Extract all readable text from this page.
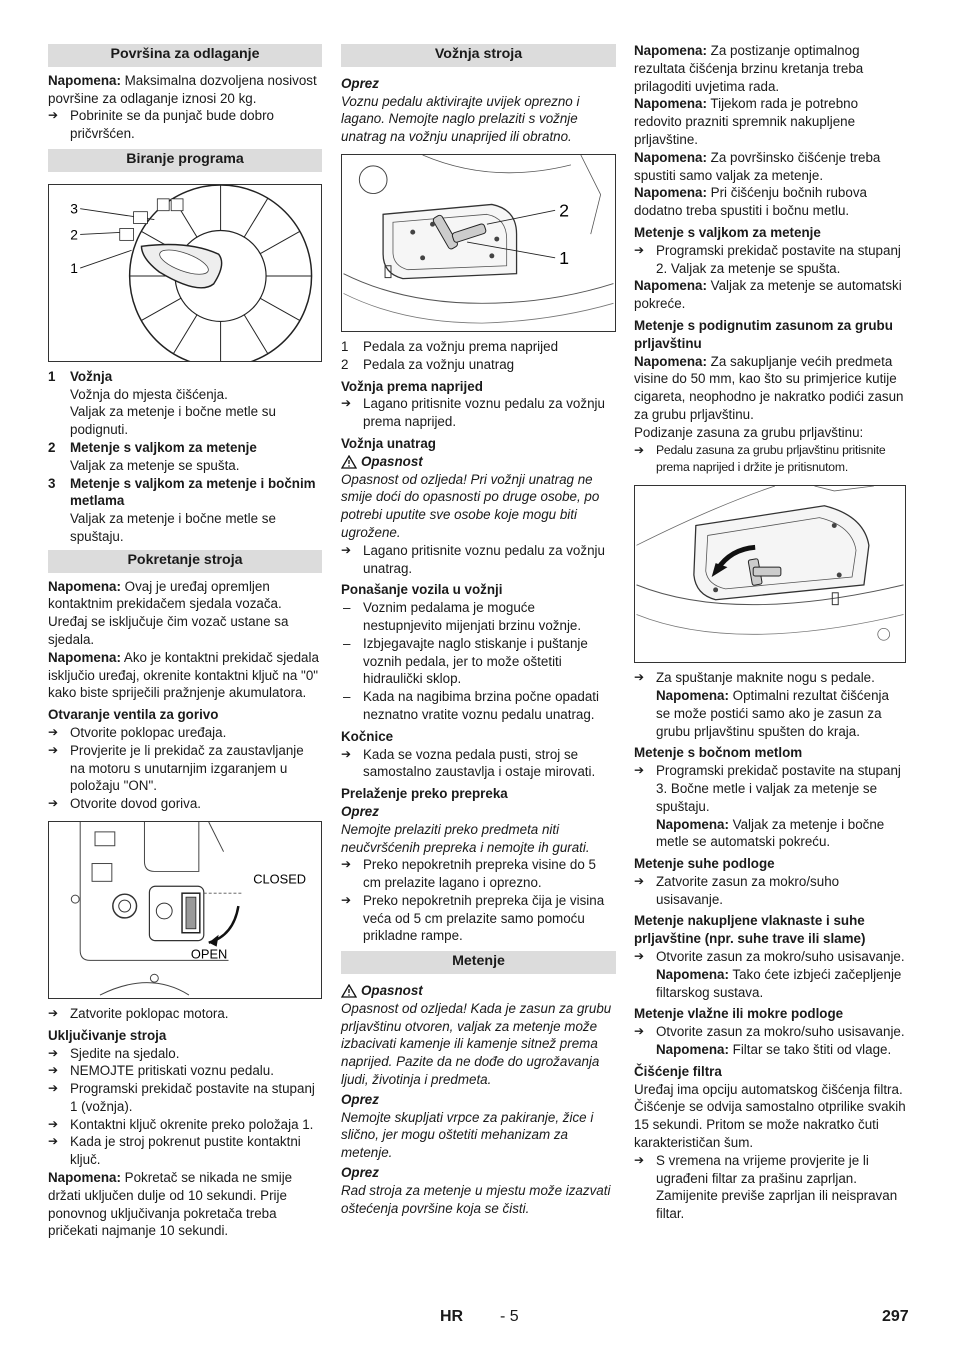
Površina za odlaganje
Napomena: Maksimalna dozvoljena nosivost površine za odlaganje iznosi 20 kg.
➔ Pobrinite se da punjač bude dobro pričvršćen.
Biranje programa
3
2
1
1 Vožnja
Vožnja do mjesta čišćenja.
Valjak za metenje i bočne metle su podignuti.
2 Metenje s valjkom za metenje
Valjak za metenje se spušta.
3 Metenje s valjkom za metenje i bočnim metlama
Valjak za metenje i bočne metle se spuštaju.
Pokretanje stroja
Napomena: Ovaj je uređaj opremljen kontaktnim prekidačem sjedala vozača. Uređaj se isključuje čim vozač ustane sa sjedala.
Napomena: Ako je kontaktni prekidač sjedala isključio uređaj, okrenite kontaktni ključ na "0" kako biste spriječili pražnjenje akumulatora.
Otvaranje ventila za gorivo
➔ Otvorite poklopac uređaja.
➔ Provjerite je li prekidač za zaustavljanje na motoru s unutarnjim izgaranjem u položaju "ON".
➔ Otvorite dovod goriva.
CLOSED
OPEN
➔ Zatvorite poklopac motora.
Uključivanje stroja
➔ Sjedite na sjedalo.
➔ NEMOJTE pritiskati voznu pedalu.
➔ Programski prekidač postavite na stupanj 1 (vožnja).
➔ Kontaktni ključ okrenite preko položaja 1.
➔ Kada je stroj pokrenut pustite kontaktni ključ.
Napomena: Pokretač se nikada ne smije držati uključen dulje od 10 sekundi. Prije ponovnog uključivanja pokretača treba pričekati najmanje 10 sekundi.
Vožnja stroja
Oprez
Voznu pedalu aktivirajte uvijek oprezno i lagano. Nemojte naglo prelaziti s vožnje unatrag na vožnju unaprijed ili obratno.
2
1
1 Pedala za vožnju prema naprijed
2 Pedala za vožnju unatrag
Vožnja prema naprijed
➔ Lagano pritisnite voznu pedalu za vožnju prema naprijed.
Vožnja unatrag
Opasnost
Opasnost od ozljeda! Pri vožnji unatrag ne smije doći do opasnosti po druge osobe, po potrebi uputite sve osobe koje mogu biti ugrožene.
➔ Lagano pritisnite voznu pedalu za vožnju unatrag.
Ponašanje vozila u vožnji
– Voznim pedalama je moguće nestupnjevito mijenjati brzinu vožnje.
– Izbjegavajte naglo stiskanje i puštanje voznih pedala, jer to može oštetiti hidraulički sklop.
– Kada na nagibima brzina počne opadati neznatno vratite voznu pedalu unatrag.
Kočnice
➔ Kada se vozna pedala pusti, stroj se samostalno zaustavlja i ostaje mirovati.
Prelaženje preko prepreka
Oprez
Nemojte prelaziti preko predmeta niti neučvršćenih prepreka i nemojte ih gurati.
➔ Preko nepokretnih prepreka visine do 5 cm prelazite lagano i oprezno.
➔ Preko nepokretnih prepreka čija je visina veća od 5 cm prelazite samo pomoću prikladne rampe.
Metenje
Opasnost
Opasnost od ozljeda! Kada je zasun za grubu prljavštinu otvoren, valjak za metenje može izbacivati kamenje ili kamenje sitnež prema naprijed. Pazite da ne dođe do ugrožavanja ljudi, životinja i predmeta.
Oprez
Nemojte skupljati vrpce za pakiranje, žice i slično, jer mogu oštetiti mehanizam za metenje.
Oprez
Rad stroja za metenje u mjestu može izazvati oštećenja površine koja se čisti.
Napomena: Za postizanje optimalnog rezultata čišćenja brzinu kretanja treba prilagoditi uvjetima rada.
Napomena: Tijekom rada je potrebno redovito prazniti spremnik nakupljene prljavštine.
Napomena: Za površinsko čišćenje treba spustiti samo valjak za metenje.
Napomena: Pri čišćenju bočnih rubova dodatno treba spustiti i bočnu metlu.
Metenje s valjkom za metenje
➔ Programski prekidač postavite na stupanj 2. Valjak za metenje se spušta.
Napomena: Valjak za metenje se automatski pokreće.
Metenje s podignutim zasunom za grubu prljavštinu
Napomena: Za sakupljanje većih predmeta visine do 50 mm, kao što su primjerice kutije cigareta, neophodno je nakratko podići zasun za grubu prljavštinu.
Podizanje zasuna za grubu prljavštinu:
➔ Pedalu zasuna za grubu prljavštinu pritisnite prema naprijed i držite je pritisnutom.
➔ Za spuštanje maknite nogu s pedale.
Napomena: Optimalni rezultat čišćenja se može postići samo ako je zasun za grubu prljavštinu spušten do kraja.
Metenje s bočnom metlom
➔ Programski prekidač postavite na stupanj 3. Bočne metle i valjak za metenje se spuštaju.
Napomena: Valjak za metenje i bočne metle se automatski pokreću.
Metenje suhe podloge
➔ Zatvorite zasun za mokro/suho usisavanje.
Metenje nakupljene vlaknaste i suhe prljavštine (npr. suhe trave ili slame)
➔ Otvorite zasun za mokro/suho usisavanje.
Napomena: Tako ćete izbjeći začepljenje filtarskog sustava.
Metenje vlažne ili mokre podloge
➔ Otvorite zasun za mokro/suho usisavanje.
Napomena: Filtar se tako štiti od vlage.
Čišćenje filtra
Uređaj ima opciju automatskog čišćenja filtra.
Čišćenje se odvija samostalno otprilike svakih 15 sekundi. Pritom se može nakratko čuti karakterističan šum.
➔ S vremena na vrijeme provjerite je li ugrađeni filtar za prašinu zaprljan. Zamijenite previše zaprljan ili neispravan filtar.
HR - 5	297
